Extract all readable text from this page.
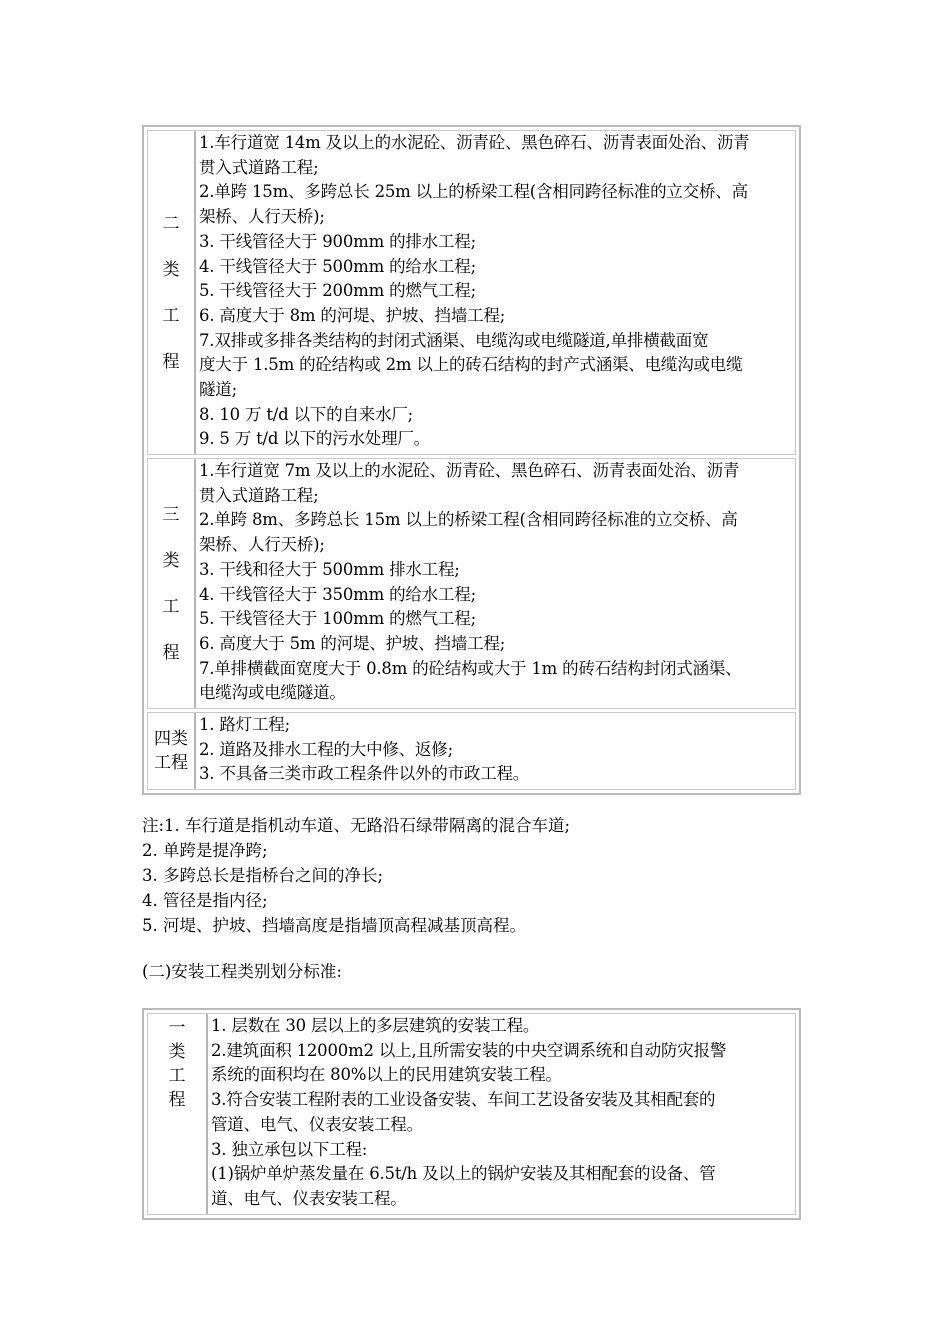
二
类
工
程
1.车行道宽 14m 及以上的水泥砼、沥青砼、黑色碎石、沥青表面处治、沥青
贯入式道路工程;
2.单跨 15m、多跨总长 25m 以上的桥梁工程(含相同跨径标准的立交桥、高
架桥、人行天桥);
3. 干线管径大于 900mm 的排水工程;
4. 干线管径大于 500mm 的给水工程;
5. 干线管径大于 200mm 的燃气工程;
6. 高度大于 8m 的河堤、护坡、挡墙工程;
7.双排或多排各类结构的封闭式涵渠、电缆沟或电缆隧道,单排横截面宽
度大于 1.5m 的砼结构或 2m 以上的砖石结构的封产式涵渠、电缆沟或电缆
隧道;
8. 10 万 t/d 以下的自来水厂;
9. 5 万 t/d 以下的污水处理厂。
三
类
工
程
1.车行道宽 7m 及以上的水泥砼、沥青砼、黑色碎石、沥青表面处治、沥青
贯入式道路工程;
2.单跨 8m、多跨总长 15m 以上的桥梁工程(含相同跨径标准的立交桥、高
架桥、人行天桥);
3. 干线和径大于 500mm 排水工程;
4. 干线管径大于 350mm 的给水工程;
5. 干线管径大于 100mm 的燃气工程;
6. 高度大于 5m 的河堤、护坡、挡墙工程;
7.单排横截面宽度大于 0.8m 的砼结构或大于 1m 的砖石结构封闭式涵渠、
电缆沟或电缆隧道。
四类
工程
1. 路灯工程;
2. 道路及排水工程的大中修、返修;
3. 不具备三类市政工程条件以外的市政工程。
注:1. 车行道是指机动车道、无路沿石绿带隔离的混合车道;
2. 单跨是提净跨;
3. 多跨总长是指桥台之间的净长;
4. 管径是指内径;
5. 河堤、护坡、挡墙高度是指墙顶高程减基顶高程。
(二)安装工程类别划分标准:
一
类
工
程
1. 层数在 30 层以上的多层建筑的安装工程。
2.建筑面积 12000m2 以上,且所需安装的中央空调系统和自动防灾报警
系统的面积均在 80%以上的民用建筑安装工程。
3.符合安装工程附表的工业设备安装、车间工艺设备安装及其相配套的
管道、电气、仪表安装工程。
3. 独立承包以下工程:
(1)锅炉单炉蒸发量在 6.5t/h 及以上的锅炉安装及其相配套的设备、管
道、电气、仪表安装工程。
